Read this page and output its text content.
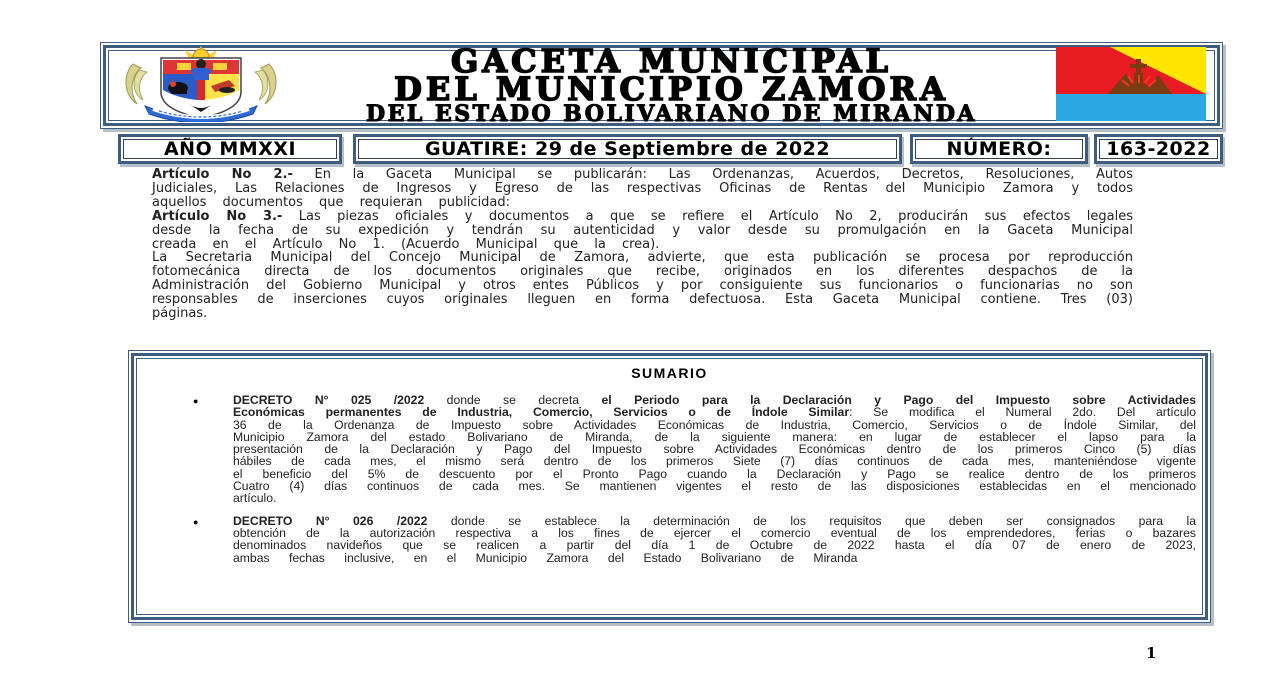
GACETA MUNICIPAL
DEL MUNICIPIO ZAMORA
DEL ESTADO BOLIVARIANO DE MIRANDA
AÑO MMXXI	GUATIRE: 29 de Septiembre de 2022	NÚMERO:	163-2022

Artículo No 2.- En la Gaceta Municipal se publicarán: Las Ordenanzas, Acuerdos, Decretos, Resoluciones, Autos Judiciales, Las Relaciones de Ingresos y Egreso de las respectivas Oficinas de Rentas del Municipio Zamora y todos aquellos documentos que requieran publicidad:

Artículo No 3.- Las piezas oficiales y documentos a que se refiere el Artículo No 2, producirán sus efectos legales desde la fecha de su expedición y tendrán su autenticidad y valor desde su promulgación en la Gaceta Municipal creada en el Artículo No 1. (Acuerdo Municipal que la crea).

La Secretaria Municipal del Concejo Municipal de Zamora, advierte, que esta publicación se procesa por reproducción fotomecánica directa de los documentos originales que recibe, originados en los diferentes despachos de la Administración del Gobierno Municipal y otros entes Públicos y por consiguiente sus funcionarios o funcionarias no son responsables de inserciones cuyos originales lleguen en forma defectuosa. Esta Gaceta Municipal contiene. Tres (03) páginas.

SUMARIO
● DECRETO N° 025 /2022 donde se decreta el Periodo para la Declaración y Pago del Impuesto sobre Actividades Económicas permanentes de Industria, Comercio, Servicios o de Índole Similar: Se modifica el Numeral 2do. Del artículo 36 de la Ordenanza de Impuesto sobre Actividades Económicas de Industria, Comercio, Servicios o de Índole Similar, del Municipio Zamora del estado Bolivariano de Miranda, de la siguiente manera: en lugar de establecer el lapso para la presentación de la Declaración y Pago del Impuesto sobre Actividades Económicas dentro de los primeros Cinco (5) días hábiles de cada mes, el mismo será dentro de los primeros Siete (7) días continuos de cada mes, manteniéndose vigente el beneficio del 5% de descuento por el Pronto Pago cuando la Declaración y Pago se realice dentro de los primeros Cuatro (4) días continuos de cada mes. Se mantienen vigentes el resto de las disposiciones establecidas en el mencionado artículo.
● DECRETO N° 026 /2022 donde se establece la determinación de los requisitos que deben ser consignados para la obtención de la autorización respectiva a los fines de ejercer el comercio eventual de los emprendedores, ferias o bazares denominados navideños que se realicen a partir del día 1 de Octubre de 2022 hasta el día 07 de enero de 2023, ambas fechas inclusive, en el Municipio Zamora del Estado Bolivariano de Miranda
1
